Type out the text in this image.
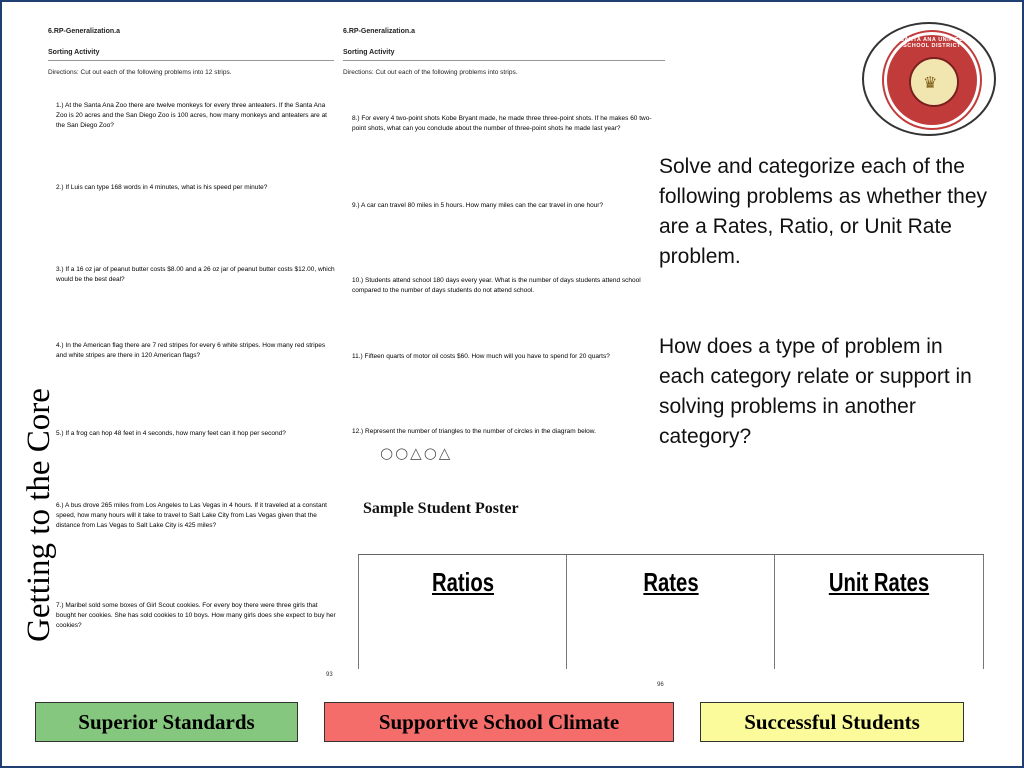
Getting to the Core
6.RP-Generalization.a
Sorting Activity
Directions: Cut out each of the following problems into 12 strips.
1.) At the Santa Ana Zoo there are twelve monkeys for every three anteaters. If the Santa Ana Zoo is 20 acres and the San Diego Zoo is 100 acres, how many monkeys and anteaters are at the San Diego Zoo?
2.) If Luis can type 168 words in 4 minutes, what is his speed per minute?
3.) If a 16 oz jar of peanut butter costs $8.00 and a 26 oz jar of peanut butter costs $12.00, which would be the best deal?
4.) In the American flag there are 7 red stripes for every 6 white stripes. How many red stripes and white stripes are there in 120 American flags?
5.) If a frog can hop 48 feet in 4 seconds, how many feet can it hop per second?
6.) A bus drove 265 miles from Los Angeles to Las Vegas in 4 hours. If it traveled at a constant speed, how many hours will it take to travel to Salt Lake City from Las Vegas given that the distance from Las Vegas to Salt Lake City is 425 miles?
7.) Maribel sold some boxes of Girl Scout cookies. For every boy there were three girls that bought her cookies. She has sold cookies to 10 boys. How many girls does she expect to buy her cookies?
93
6.RP-Generalization.a
Sorting Activity
Directions: Cut out each of the following problems into strips.
8.) For every 4 two-point shots Kobe Bryant made, he made three three-point shots. If he makes 60 two-point shots, what can you conclude about the number of three-point shots he made last year?
9.) A car can travel 80 miles in 5 hours. How many miles can the car travel in one hour?
10.) Students attend school 180 days every year. What is the number of days students attend school compared to the number of days students do not attend school.
11.) Fifteen quarts of motor oil costs $60. How much will you have to spend for 20 quarts?
12.) Represent the number of triangles to the number of circles in the diagram below.
○○△○△
96
♛
SANTA ANA UNIFIED SCHOOL DISTRICT
Solve and categorize each of the following problems as whether they are a Rates, Ratio, or Unit Rate problem.
How does a type of problem in each category relate or support in solving problems in another category?
Sample Student Poster
Ratios	Rates	Unit Rates
Superior Standards	Supportive School Climate	Successful Students
